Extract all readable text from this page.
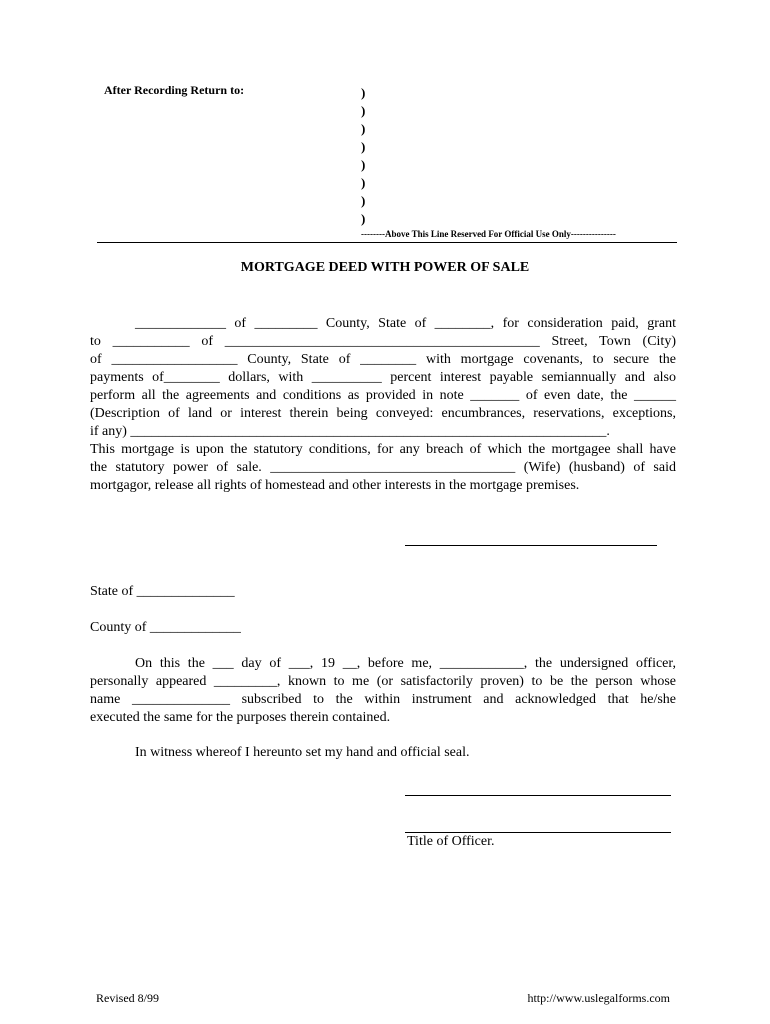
After Recording Return to:	)
)
)
)
)
)
)
)
--------Above This Line Reserved For Official Use Only---------------
MORTGAGE DEED WITH POWER OF SALE
_____________ of _________ County, State of ________, for consideration paid, grant
to ___________ of _____________________________________________ Street, Town (City)
of __________________ County, State of ________ with mortgage covenants, to secure the
payments of________ dollars, with __________ percent interest payable semiannually and also
perform all the agreements and conditions as provided in note _______ of even date, the ______
(Description of land or interest therein being conveyed: encumbrances, reservations, exceptions,
if any) ____________________________________________________________________.
This mortgage is upon the statutory conditions, for any breach of which the mortgagee shall have
the statutory power of sale. ___________________________________ (Wife) (husband) of said
mortgagor, release all rights of homestead and other interests in the mortgage premises.
State of ______________
County of _____________
On this the ___ day of ___, 19 __, before me, ____________, the undersigned officer,
personally appeared _________, known to me (or satisfactorily proven) to be the person whose
name ______________ subscribed to the within instrument and acknowledged that he/she
executed the same for the purposes therein contained.
In witness whereof I hereunto set my hand and official seal.
Title of Officer.
Revised 8/99	http://www.uslegalforms.com
